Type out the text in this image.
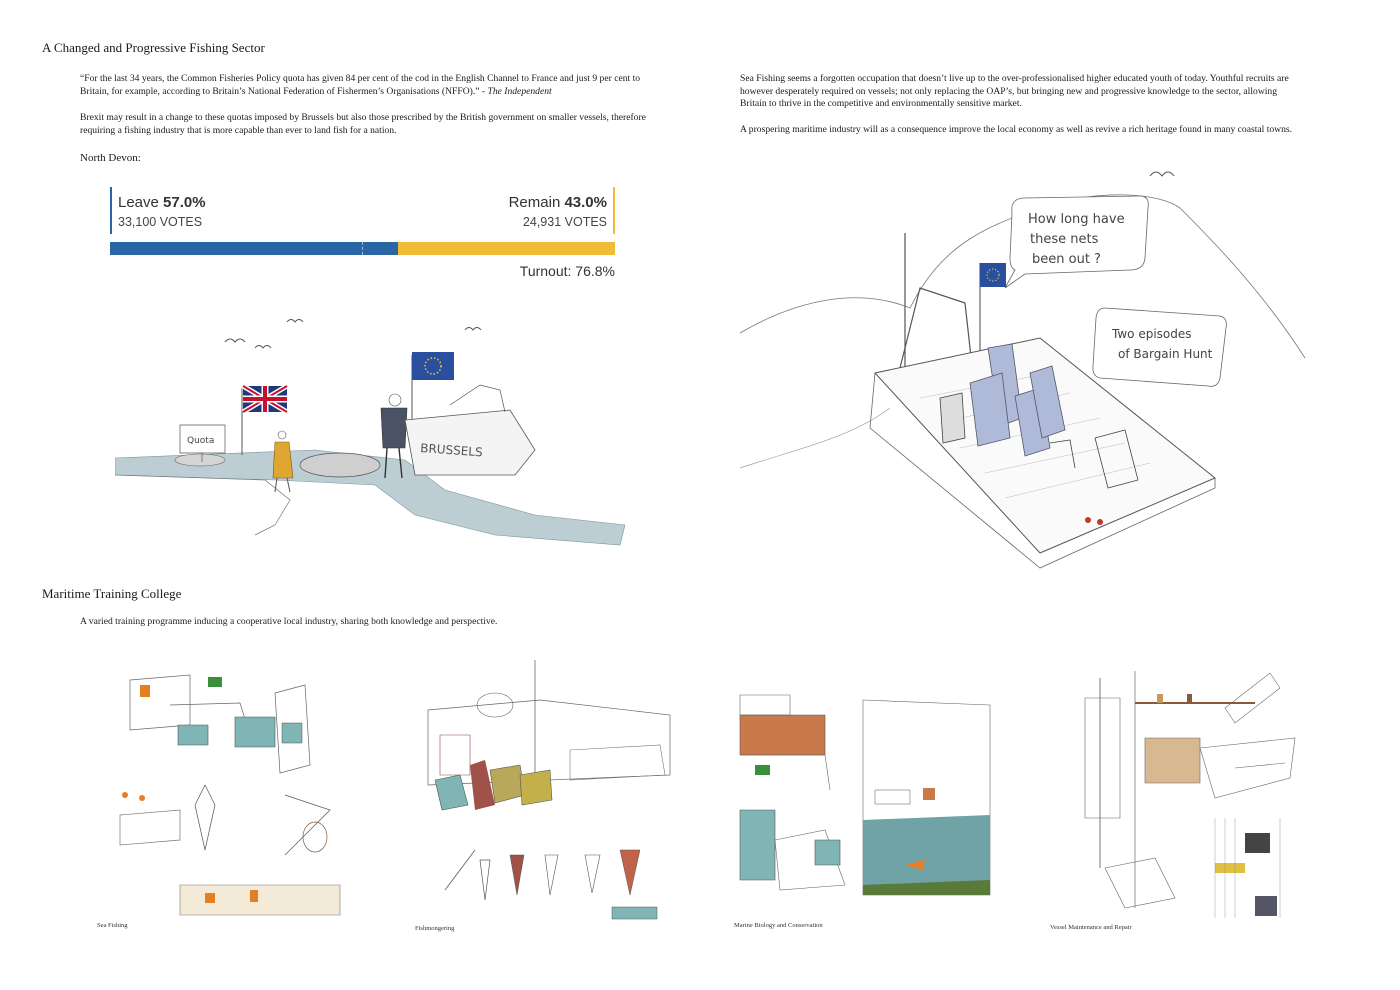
A Changed and Progressive Fishing Sector
“For the last 34 years, the Common Fisheries Policy quota has given 84 per cent of the cod in the English Channel to France and just 9 per cent to Britain, for example, according to Britain’s National Federation of Fishermen’s Organisations (NFFO).” - The Independent
Brexit may result in a change to these quotas imposed by Brussels but also those prescribed by the British government on smaller vessels, therefore requiring a fishing industry that is more capable than ever to land fish for a nation.
North Devon:
Leave 57.0%
33,100 VOTES
Remain 43.0%
24,931 VOTES
Turnout: 76.8%
Sea Fishing seems a forgotten occupation that doesn’t live up to the over-professionalised higher educated youth of today. Youthful recruits are however desperately required on vessels; not only replacing the OAP’s, but bringing new and progressive knowledge to the sector, allowing Britain to thrive in the competitive and environmentally sensitive market.
A prospering maritime industry will as a consequence improve the local economy as well as revive a rich heritage found in many coastal towns.
Quota
BRUSSELS
How long have these nets been out ?
Two episodes of Bargain Hunt
Maritime Training College
A varied training programme inducing a cooperative local industry, sharing both knowledge and perspective.
Sea Fishing	Fishmongering	Marine Biology and Conservation	Vessel Maintenance and Repair
